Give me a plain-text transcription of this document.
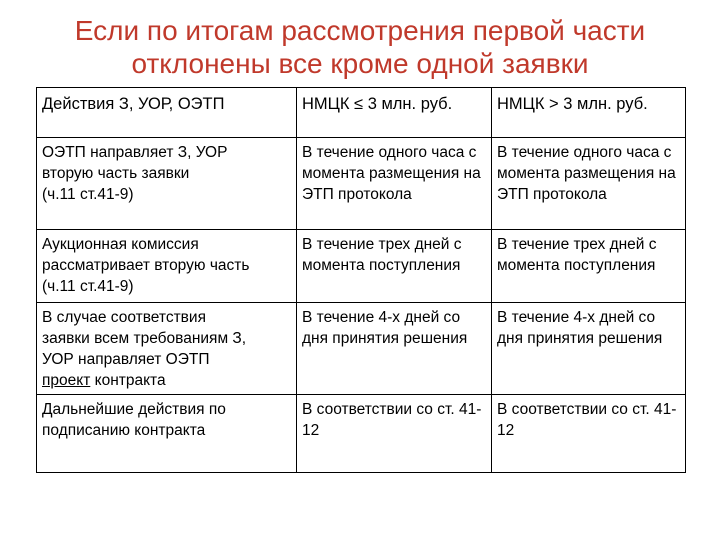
Если по итогам рассмотрения первой части
отклонены все кроме одной заявки
Действия З, УОР, ОЭТП	НМЦК ≤ 3 млн. руб.	НМЦК > 3 млн. руб.

ОЭТП направляет З, УОР
вторую часть заявки
(ч.11 ст.41-9)	В течение одного часа с момента размещения на ЭТП протокола	В течение одного часа с момента размещения на ЭТП протокола

Аукционная комиссия
рассматривает вторую часть
(ч.11 ст.41-9)	В течение трех дней с момента поступления	В течение трех дней с момента поступления

В случае соответствия
заявки всем требованиям З,
УОР направляет ОЭТП
проект контракта	В течение 4-х дней со дня принятия решения	В течение 4-х дней со дня принятия решения

Дальнейшие действия по
подписанию контракта	В соответствии со ст. 41-12	В соответствии со ст. 41-12
